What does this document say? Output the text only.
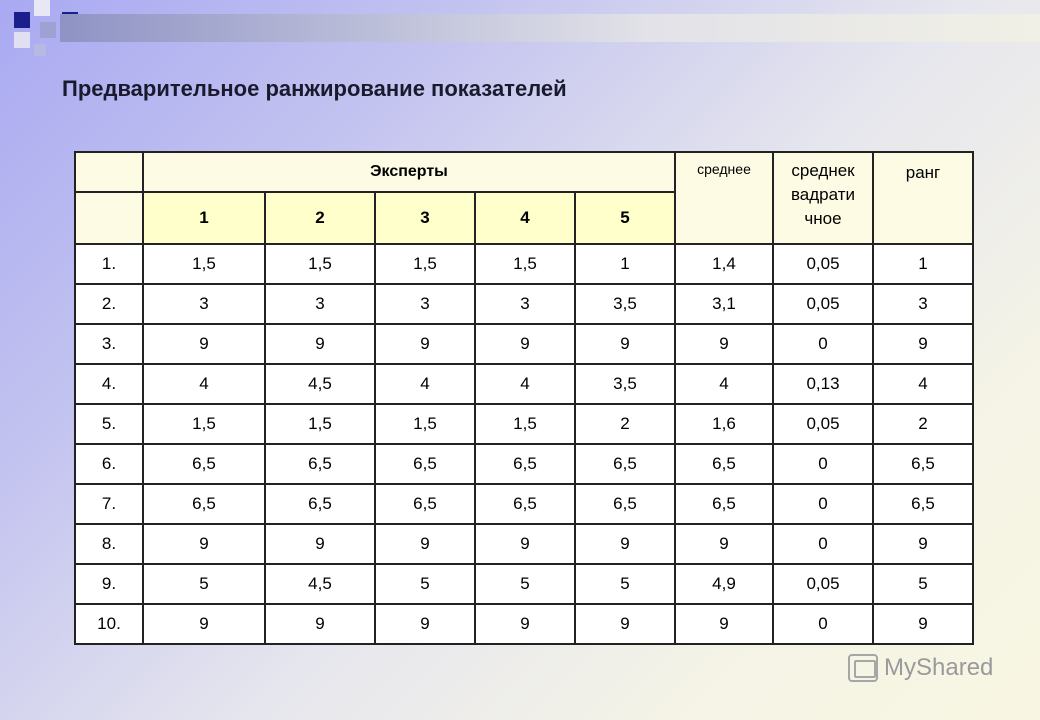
Предварительное ранжирование показателей
	Эксперты					среднее	среднек вадрати чное	ранг
	1	2	3	4	5			
1.	1,5	1,5	1,5	1,5	1	1,4	0,05	1
2.	3	3	3	3	3,5	3,1	0,05	3
3.	9	9	9	9	9	9	0	9
4.	4	4,5	4	4	3,5	4	0,13	4
5.	1,5	1,5	1,5	1,5	2	1,6	0,05	2
6.	6,5	6,5	6,5	6,5	6,5	6,5	0	6,5
7.	6,5	6,5	6,5	6,5	6,5	6,5	0	6,5
8.	9	9	9	9	9	9	0	9
9.	5	4,5	5	5	5	4,9	0,05	5
10.	9	9	9	9	9	9	0	9
MyShared
